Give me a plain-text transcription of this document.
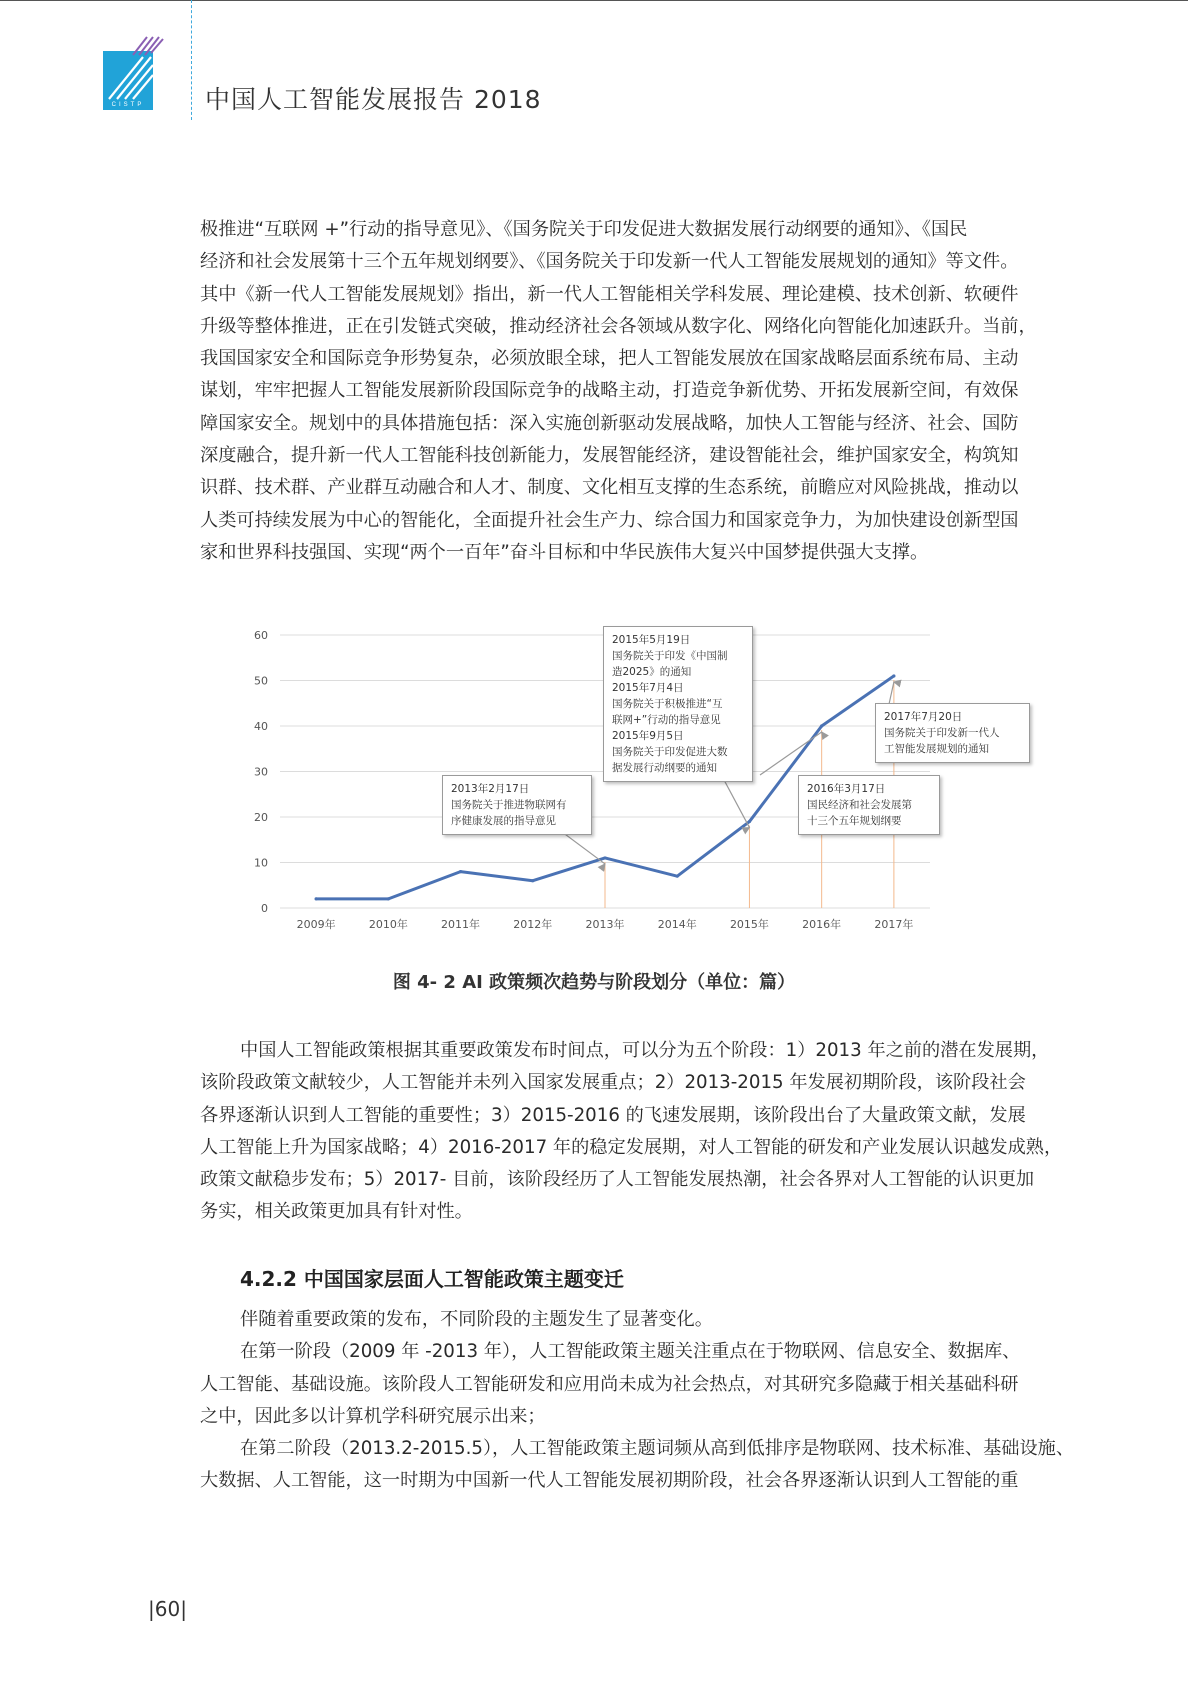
CISTP	中国人工智能发展报告 2018
极推进“互联网 +”行动的指导意见》、《国务院关于印发促进大数据发展行动纲要的通知》、《国民
经济和社会发展第十三个五年规划纲要》、《国务院关于印发新一代人工智能发展规划的通知》等文件。
其中《新一代人工智能发展规划》指出，新一代人工智能相关学科发展、理论建模、技术创新、软硬件
升级等整体推进，正在引发链式突破，推动经济社会各领域从数字化、网络化向智能化加速跃升。当前，
我国国家安全和国际竞争形势复杂，必须放眼全球，把人工智能发展放在国家战略层面系统布局、主动
谋划，牢牢把握人工智能发展新阶段国际竞争的战略主动，打造竞争新优势、开拓发展新空间，有效保
障国家安全。规划中的具体措施包括：深入实施创新驱动发展战略，加快人工智能与经济、社会、国防
深度融合，提升新一代人工智能科技创新能力，发展智能经济，建设智能社会，维护国家安全，构筑知
识群、技术群、产业群互动融合和人才、制度、文化相互支撑的生态系统，前瞻应对风险挑战，推动以
人类可持续发展为中心的智能化，全面提升社会生产力、综合国力和国家竞争力，为加快建设创新型国
家和世界科技强国、实现“两个一百年”奋斗目标和中华民族伟大复兴中国梦提供强大支撑。
0
10
20
30
40
50
60
2009年	2010年	2011年	2012年	2013年	2014年	2015年	2016年	2017年
2013年2月17日
国务院关于推进物联网有
序健康发展的指导意见
2015年5月19日
国务院关于印发《中国制
造2025》的通知
2015年7月4日
国务院关于积极推进“互
联网+”行动的指导意见
2015年9月5日
国务院关于印发促进大数
据发展行动纲要的通知
2016年3月17日
国民经济和社会发展第
十三个五年规划纲要
2017年7月20日
国务院关于印发新一代人
工智能发展规划的通知
图 4- 2 AI 政策频次趋势与阶段划分（单位：篇）
中国人工智能政策根据其重要政策发布时间点，可以分为五个阶段：1）2013 年之前的潜在发展期，
该阶段政策文献较少，人工智能并未列入国家发展重点；2）2013-2015 年发展初期阶段，该阶段社会
各界逐渐认识到人工智能的重要性；3）2015-2016 的飞速发展期，该阶段出台了大量政策文献，发展
人工智能上升为国家战略；4）2016-2017 年的稳定发展期，对人工智能的研发和产业发展认识越发成熟，
政策文献稳步发布；5）2017- 目前，该阶段经历了人工智能发展热潮，社会各界对人工智能的认识更加
务实，相关政策更加具有针对性。
4.2.2 中国国家层面人工智能政策主题变迁
伴随着重要政策的发布，不同阶段的主题发生了显著变化。
在第一阶段（2009 年 -2013 年），人工智能政策主题关注重点在于物联网、信息安全、数据库、
人工智能、基础设施。该阶段人工智能研发和应用尚未成为社会热点，对其研究多隐藏于相关基础科研
之中，因此多以计算机学科研究展示出来；
在第二阶段（2013.2-2015.5），人工智能政策主题词频从高到低排序是物联网、技术标准、基础设施、
大数据、人工智能，这一时期为中国新一代人工智能发展初期阶段，社会各界逐渐认识到人工智能的重
|60|
